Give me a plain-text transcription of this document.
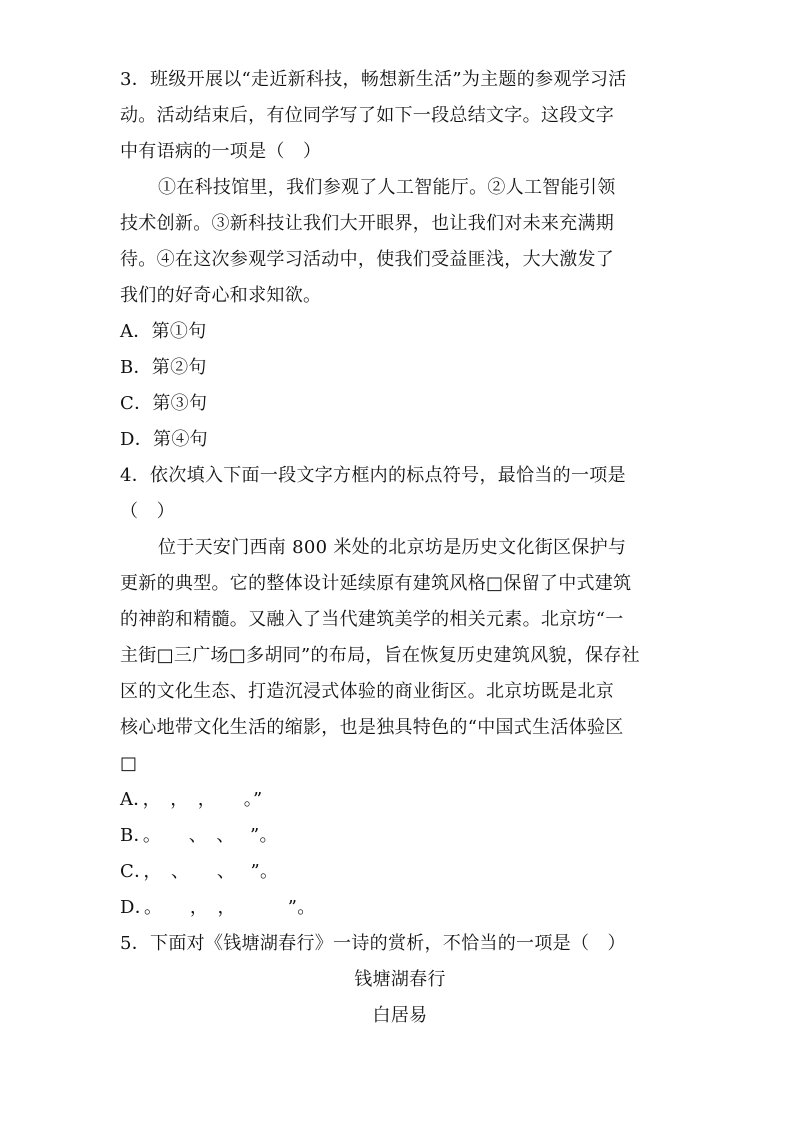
3．班级开展以“走近新科技，畅想新生活”为主题的参观学习活
动。活动结束后，有位同学写了如下一段总结文字。这段文字
中有语病的一项是（　）
①在科技馆里，我们参观了人工智能厅。②人工智能引领
技术创新。③新科技让我们大开眼界，也让我们对未来充满期
待。④在这次参观学习活动中，使我们受益匪浅，大大激发了
我们的好奇心和求知欲。
A．第①句
B．第②句
C．第③句
D．第④句
4．依次填入下面一段文字方框内的标点符号，最恰当的一项是
（　）
位于天安门西南 800 米处的北京坊是历史文化街区保护与
更新的典型。它的整体设计延续原有建筑风格□保留了中式建筑
的神韵和精髓。又融入了当代建筑美学的相关元素。北京坊“一
主街□三广场□多胡同”的布局，旨在恢复历史建筑风貌，保存社
区的文化生态、打造沉浸式体验的商业街区。北京坊既是北京
核心地带文化生活的缩影，也是独具特色的“中国式生活体验区
□
A．，　，　，　　。”
B．。　　、　、　 ”。
C．，　、　　、　 ”。
D．。　　，　，　　　 ”。
5．下面对《钱塘湖春行》一诗的赏析，不恰当的一项是（　）
钱塘湖春行
白居易
